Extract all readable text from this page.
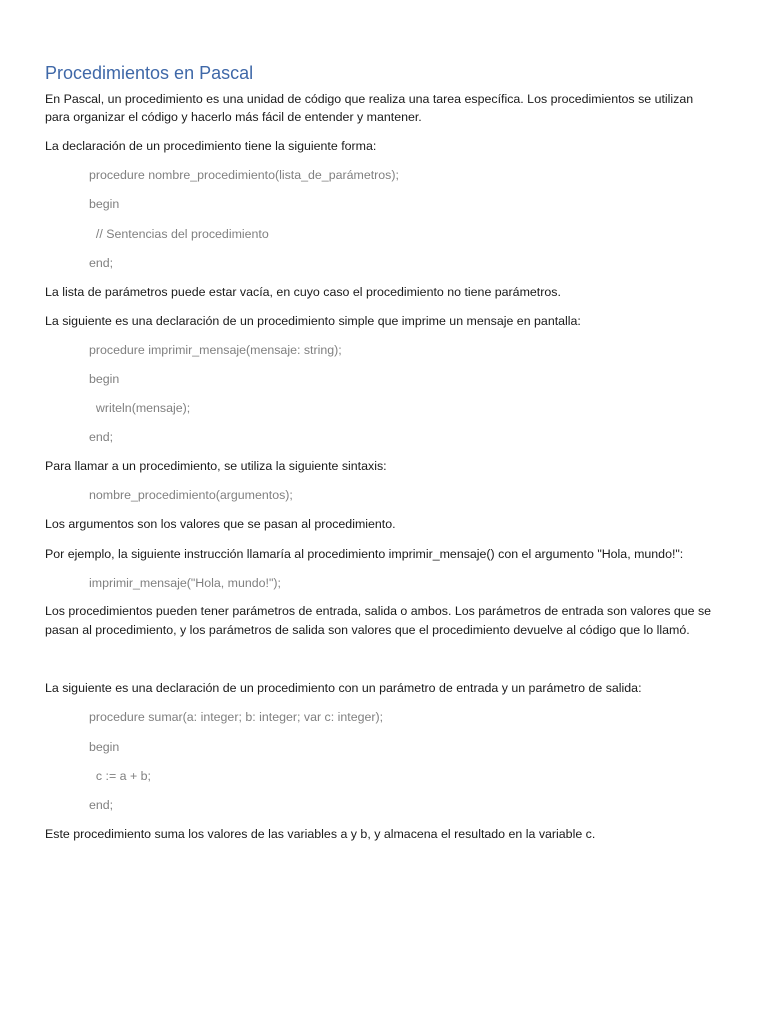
Procedimientos en Pascal
En Pascal, un procedimiento es una unidad de código que realiza una tarea específica. Los procedimientos se utilizan
para organizar el código y hacerlo más fácil de entender y mantener.
La declaración de un procedimiento tiene la siguiente forma:
procedure nombre_procedimiento(lista_de_parámetros);
begin
// Sentencias del procedimiento
end;
La lista de parámetros puede estar vacía, en cuyo caso el procedimiento no tiene parámetros.
La siguiente es una declaración de un procedimiento simple que imprime un mensaje en pantalla:
procedure imprimir_mensaje(mensaje: string);
begin
writeln(mensaje);
end;
Para llamar a un procedimiento, se utiliza la siguiente sintaxis:
nombre_procedimiento(argumentos);
Los argumentos son los valores que se pasan al procedimiento.
Por ejemplo, la siguiente instrucción llamaría al procedimiento imprimir_mensaje() con el argumento "Hola, mundo!":
imprimir_mensaje("Hola, mundo!");
Los procedimientos pueden tener parámetros de entrada, salida o ambos. Los parámetros de entrada son valores que se
pasan al procedimiento, y los parámetros de salida son valores que el procedimiento devuelve al código que lo llamó.
La siguiente es una declaración de un procedimiento con un parámetro de entrada y un parámetro de salida:
procedure sumar(a: integer; b: integer; var c: integer);
begin
c := a + b;
end;
Este procedimiento suma los valores de las variables a y b, y almacena el resultado en la variable c.
